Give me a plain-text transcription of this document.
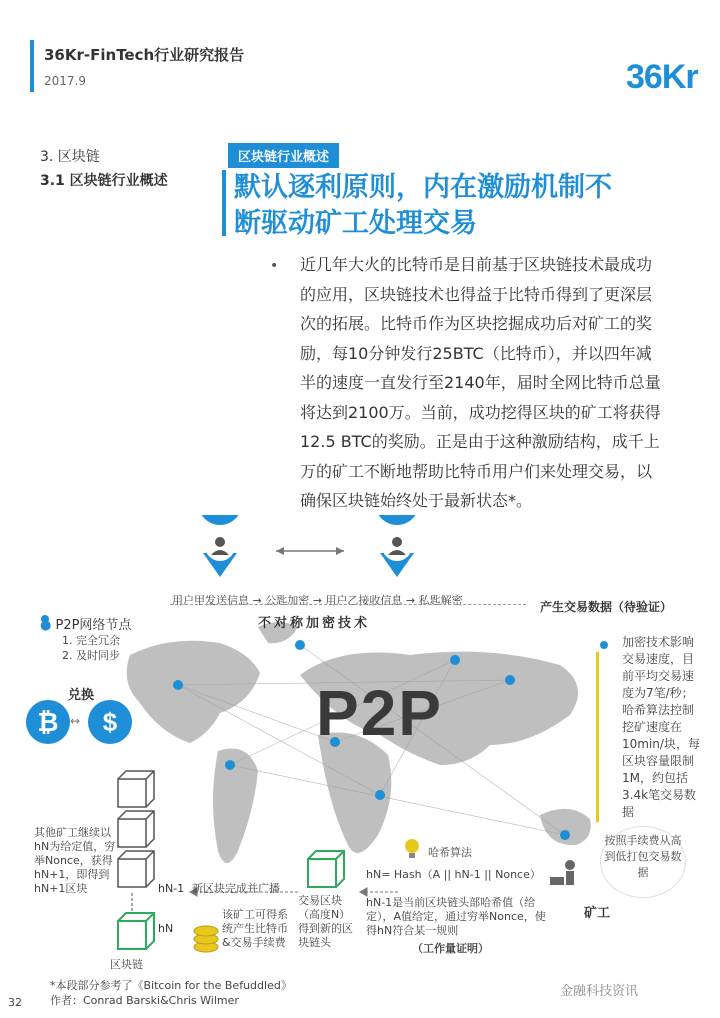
36Kr-FinTech行业研究报告
2017.9	36Kr
3. 区块链
3.1 区块链行业概述
区块链行业概述
默认逐利原则，内在激励机制不
断驱动矿工处理交易
• 近几年大火的比特币是目前基于区块链技术最成功
的应用，区块链技术也得益于比特币得到了更深层
次的拓展。比特币作为区块挖掘成功后对矿工的奖
励，每10分钟发行25BTC（比特币），并以四年减
半的速度一直发行至2140年，届时全网比特币总量
将达到2100万。当前，成功挖得区块的矿工将获得
12.5 BTC的奖励。正是由于这种激励结构，成千上
万的矿工不断地帮助比特币用户们来处理交易，以
确保区块链始终处于最新状态*。
用户甲发送信息 → 公匙加密 → 用户乙接收信息 → 私匙解密
不对称加密技术
产生交易数据（待验证）
● P2P网络节点
1. 完全冗余
2. 及时同步
兑换
₿ ↔ $	P2P
加密技术影响交易速度，目前平均交易速度为7笔/秒；哈希算法控制挖矿速度在10min/块，每区块容量限制1M，约包括3.4k笔交易数据
按照手续费从高到低打包交易数据
矿工
哈希算法
hN= Hash（A || hN-1 || Nonce）
hN-1是当前区块链头部哈希值（给定），A值给定，通过穷举Nonce，使得hN符合某一规则
（工作量证明）
其他矿工继续以hN为给定值，穷举Nonce，获得hN+1，即得到hN+1区块	hN-1
hN
区块链
新区块完成并广播
交易区块（高度N）得到新的区块链头
该矿工可得系统产生比特币&交易手续费
*本段部分参考了《Bitcoin for the Befuddled》
作者：Conrad Barski&Chris Wilmer
32
金融科技资讯
